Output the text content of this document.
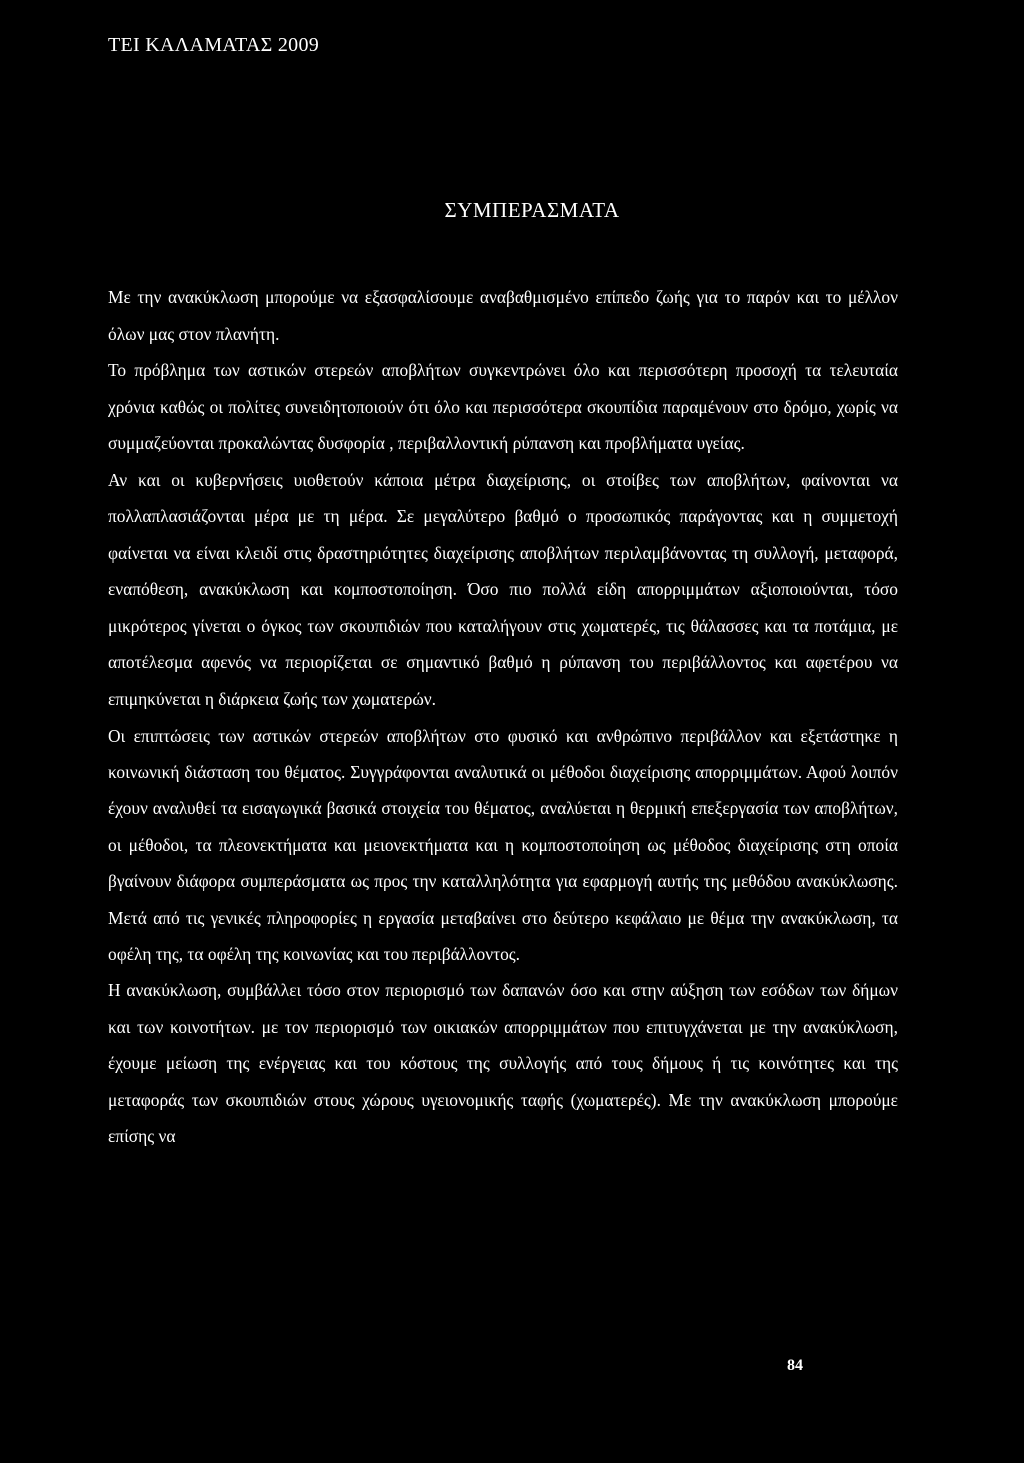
ΤΕΙ ΚΑΛΑΜΑΤΑΣ 2009
ΣΥΜΠΕΡΑΣΜΑΤΑ

Με την ανακύκλωση μπορούμε να εξασφαλίσουμε αναβαθμισμένο επίπεδο ζωής για το παρόν και το μέλλον όλων μας στον πλανήτη.

Το πρόβλημα των αστικών στερεών αποβλήτων συγκεντρώνει όλο και περισσότερη προσοχή τα τελευταία χρόνια καθώς οι πολίτες συνειδητοποιούν ότι όλο και περισσότερα σκουπίδια παραμένουν στο δρόμο, χωρίς να συμμαζεύονται προκαλώντας δυσφορία , περιβαλλοντική ρύπανση και προβλήματα υγείας.

Αν και οι κυβερνήσεις υιοθετούν κάποια μέτρα διαχείρισης, οι στοίβες των αποβλήτων, φαίνονται να πολλαπλασιάζονται μέρα με τη μέρα. Σε μεγαλύτερο βαθμό ο προσωπικός παράγοντας και η συμμετοχή φαίνεται να είναι κλειδί στις δραστηριότητες διαχείρισης αποβλήτων περιλαμβάνοντας τη συλλογή, μεταφορά, εναπόθεση, ανακύκλωση και κομποστοποίηση. Όσο πιο πολλά είδη απορριμμάτων αξιοποιούνται, τόσο μικρότερος γίνεται ο όγκος των σκουπιδιών που καταλήγουν στις χωματερές, τις θάλασσες και τα ποτάμια, με αποτέλεσμα αφενός να περιορίζεται σε σημαντικό βαθμό η ρύπανση του περιβάλλοντος και αφετέρου να επιμηκύνεται η διάρκεια ζωής των χωματερών.

Οι επιπτώσεις των αστικών στερεών αποβλήτων στο φυσικό και ανθρώπινο περιβάλλον και εξετάστηκε η κοινωνική διάσταση του θέματος. Συγγράφονται αναλυτικά οι μέθοδοι διαχείρισης απορριμμάτων. Αφού λοιπόν έχουν αναλυθεί τα εισαγωγικά βασικά στοιχεία του θέματος, αναλύεται η θερμική επεξεργασία των αποβλήτων, οι μέθοδοι, τα πλεονεκτήματα και μειονεκτήματα και η κομποστοποίηση ως μέθοδος διαχείρισης στη οποία βγαίνουν διάφορα συμπεράσματα ως προς την καταλληλότητα για εφαρμογή αυτής της μεθόδου ανακύκλωσης. Μετά από τις γενικές πληροφορίες η εργασία μεταβαίνει στο δεύτερο κεφάλαιο με θέμα την ανακύκλωση, τα οφέλη της, τα οφέλη της κοινωνίας και του περιβάλλοντος.

Η ανακύκλωση, συμβάλλει τόσο στον περιορισμό των δαπανών όσο και στην αύξηση των εσόδων των δήμων και των κοινοτήτων. με τον περιορισμό των οικιακών απορριμμάτων που επιτυγχάνεται με την ανακύκλωση, έχουμε μείωση της ενέργειας και του κόστους της συλλογής από τους δήμους ή τις κοινότητες και της μεταφοράς των σκουπιδιών στους χώρους υγειονομικής ταφής (χωματερές). Με την ανακύκλωση μπορούμε επίσης να

84
